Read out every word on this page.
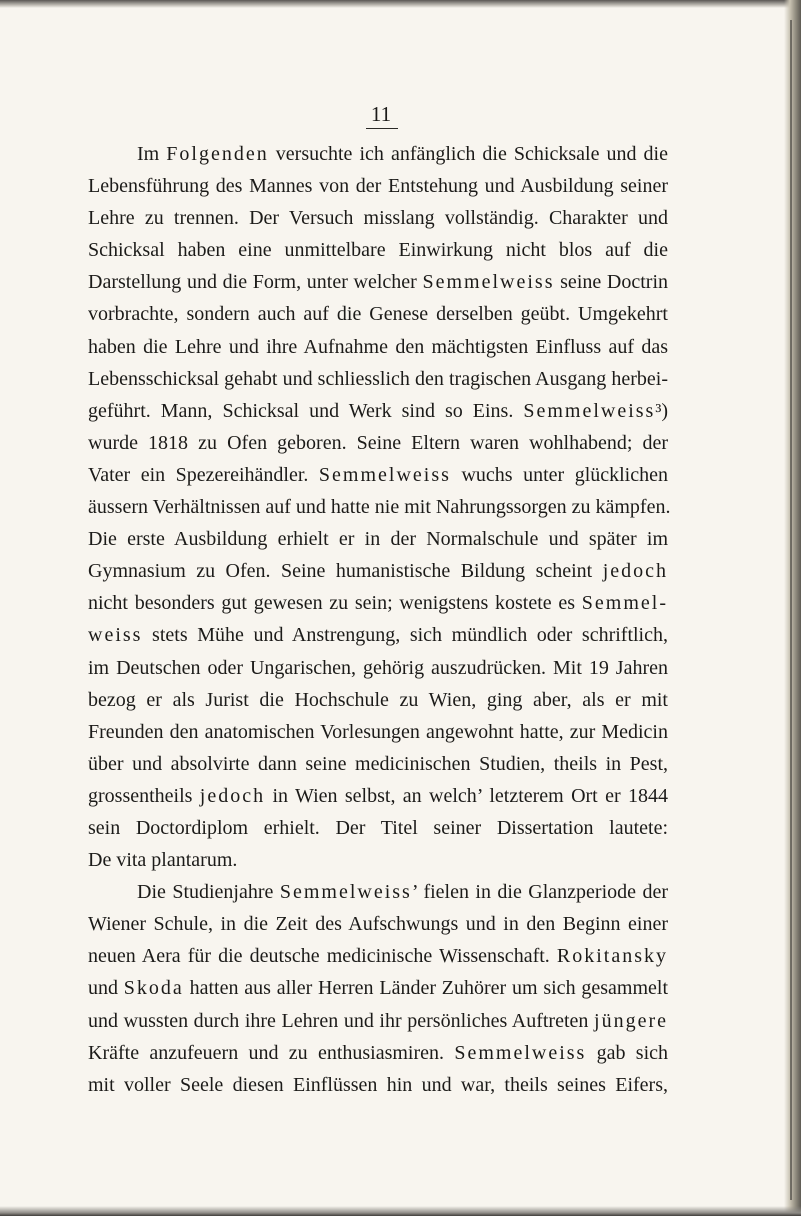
11
Im Folgenden versuchte ich anfänglich die Schicksale und die
Lebensführung des Mannes von der Entstehung und Ausbildung seiner
Lehre zu trennen. Der Versuch misslang vollständig. Charakter und
Schicksal haben eine unmittelbare Einwirkung nicht blos auf die
Darstellung und die Form, unter welcher Semmelweiss seine Doctrin
vorbrachte, sondern auch auf die Genese derselben geübt. Umgekehrt
haben die Lehre und ihre Aufnahme den mächtigsten Einfluss auf das
Lebensschicksal gehabt und schliesslich den tragischen Ausgang herbei-
geführt. Mann, Schicksal und Werk sind so Eins. Semmelweiss³)
wurde 1818 zu Ofen geboren. Seine Eltern waren wohlhabend; der
Vater ein Spezereihändler. Semmelweiss wuchs unter glücklichen
äussern Verhältnissen auf und hatte nie mit Nahrungssorgen zu kämpfen.
Die erste Ausbildung erhielt er in der Normalschule und später im
Gymnasium zu Ofen. Seine humanistische Bildung scheint jedoch
nicht besonders gut gewesen zu sein; wenigstens kostete es Semmel-
weiss stets Mühe und Anstrengung, sich mündlich oder schriftlich,
im Deutschen oder Ungarischen, gehörig auszudrücken. Mit 19 Jahren
bezog er als Jurist die Hochschule zu Wien, ging aber, als er mit
Freunden den anatomischen Vorlesungen angewohnt hatte, zur Medicin
über und absolvirte dann seine medicinischen Studien, theils in Pest,
grossentheils jedoch in Wien selbst, an welch’ letzterem Ort er 1844
sein Doctordiplom erhielt. Der Titel seiner Dissertation lautete:
De vita plantarum.
Die Studienjahre Semmelweiss’ fielen in die Glanzperiode der
Wiener Schule, in die Zeit des Aufschwungs und in den Beginn einer
neuen Aera für die deutsche medicinische Wissenschaft. Rokitansky
und Skoda hatten aus aller Herren Länder Zuhörer um sich gesammelt
und wussten durch ihre Lehren und ihr persönliches Auftreten jüngere
Kräfte anzufeuern und zu enthusiasmiren. Semmelweiss gab sich
mit voller Seele diesen Einflüssen hin und war, theils seines Eifers,
